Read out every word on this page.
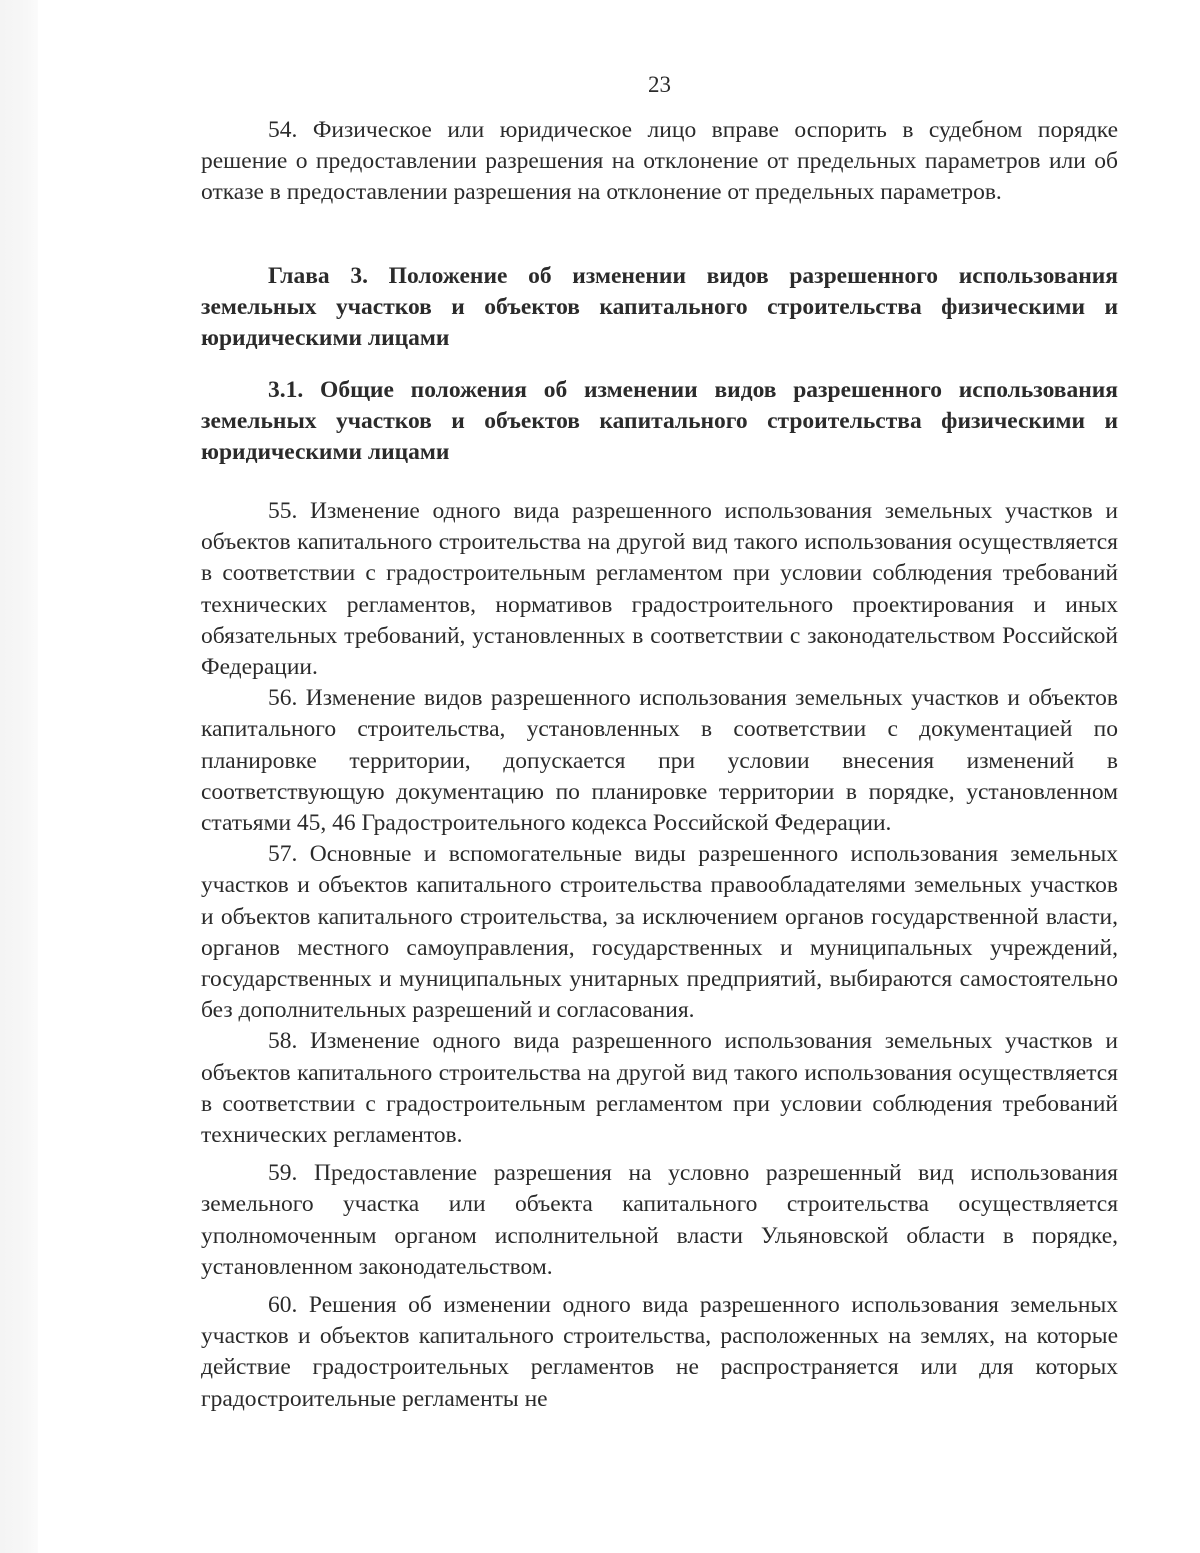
23

54. Физическое или юридическое лицо вправе оспорить в судебном порядке решение о предоставлении разрешения на отклонение от предельных параметров или об отказе в предоставлении разрешения на отклонение от предельных параметров.

Глава 3. Положение об изменении видов разрешенного использования земельных участков и объектов капитального строительства физическими и юридическими лицами
3.1. Общие положения об изменении видов разрешенного использования земельных участков и объектов капитального строительства физическими и юридическими лицами

55. Изменение одного вида разрешенного использования земельных участков и объектов капитального строительства на другой вид такого использования осуществляется в соответствии с градостроительным регламентом при условии соблюдения требований технических регламентов, нормативов градостроительного проектирования и иных обязательных требований, установленных в соответствии с законодательством Российской Федерации.

56. Изменение видов разрешенного использования земельных участков и объектов капитального строительства, установленных в соответствии с документацией по планировке территории, допускается при условии внесения изменений в соответствующую документацию по планировке территории в порядке, установленном статьями 45, 46 Градостроительного кодекса Российской Федерации.

57. Основные и вспомогательные виды разрешенного использования земельных участков и объектов капитального строительства правообладателями земельных участков и объектов капитального строительства, за исключением органов государственной власти, органов местного самоуправления, государственных и муниципальных учреждений, государственных и муниципальных унитарных предприятий, выбираются самостоятельно без дополнительных разрешений и согласования.

58. Изменение одного вида разрешенного использования земельных участков и объектов капитального строительства на другой вид такого использования осуществляется в соответствии с градостроительным регламентом при условии соблюдения требований технических регламентов.

59. Предоставление разрешения на условно разрешенный вид использования земельного участка или объекта капитального строительства осуществляется уполномоченным органом исполнительной власти Ульяновской области в порядке, установленном законодательством.

60. Решения об изменении одного вида разрешенного использования земельных участков и объектов капитального строительства, расположенных на землях, на которые действие градостроительных регламентов не распространяется или для которых градостроительные регламенты не
